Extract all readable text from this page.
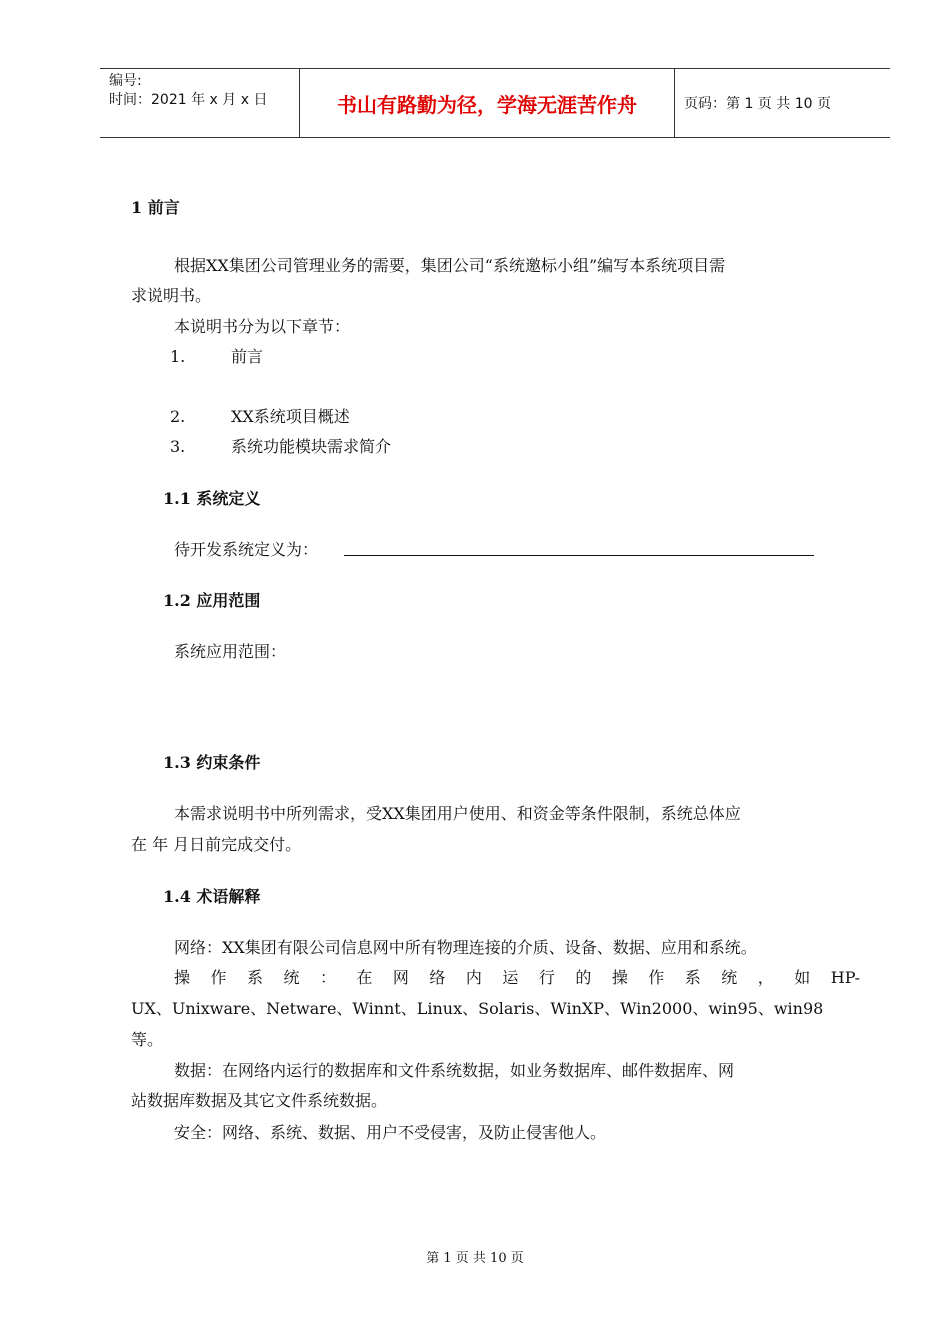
编号:
时间：2021 年 x 月 x 日	书山有路勤为径，学海无涯苦作舟	页码：第 1 页 共 10 页
1 前言
根据XX集团公司管理业务的需要，集团公司“系统邀标小组”编写本系统项目需
求说明书。
本说明书分为以下章节：
1.	前言
2.	XX系统项目概述
3.	系统功能模块需求简介
1.1 系统定义
待开发系统定义为：
1.2 应用范围
系统应用范围：
1.3 约束条件
本需求说明书中所列需求，受XX集团用户使用、和资金等条件限制，系统总体应
在 年 月日前完成交付。
1.4 术语解释
网络：XX集团有限公司信息网中所有物理连接的介质、设备、数据、应用和系统。
操 作 系 统 ： 在 网 络 内 运 行 的 操 作 系 统 ， 如 HP-
UX、Unixware、Netware、Winnt、Linux、Solaris、WinXP、Win2000、win95、win98
等。
数据：在网络内运行的数据库和文件系统数据，如业务数据库、邮件数据库、网
站数据库数据及其它文件系统数据。
安全：网络、系统、数据、用户不受侵害，及防止侵害他人。
第 1 页 共 10 页
